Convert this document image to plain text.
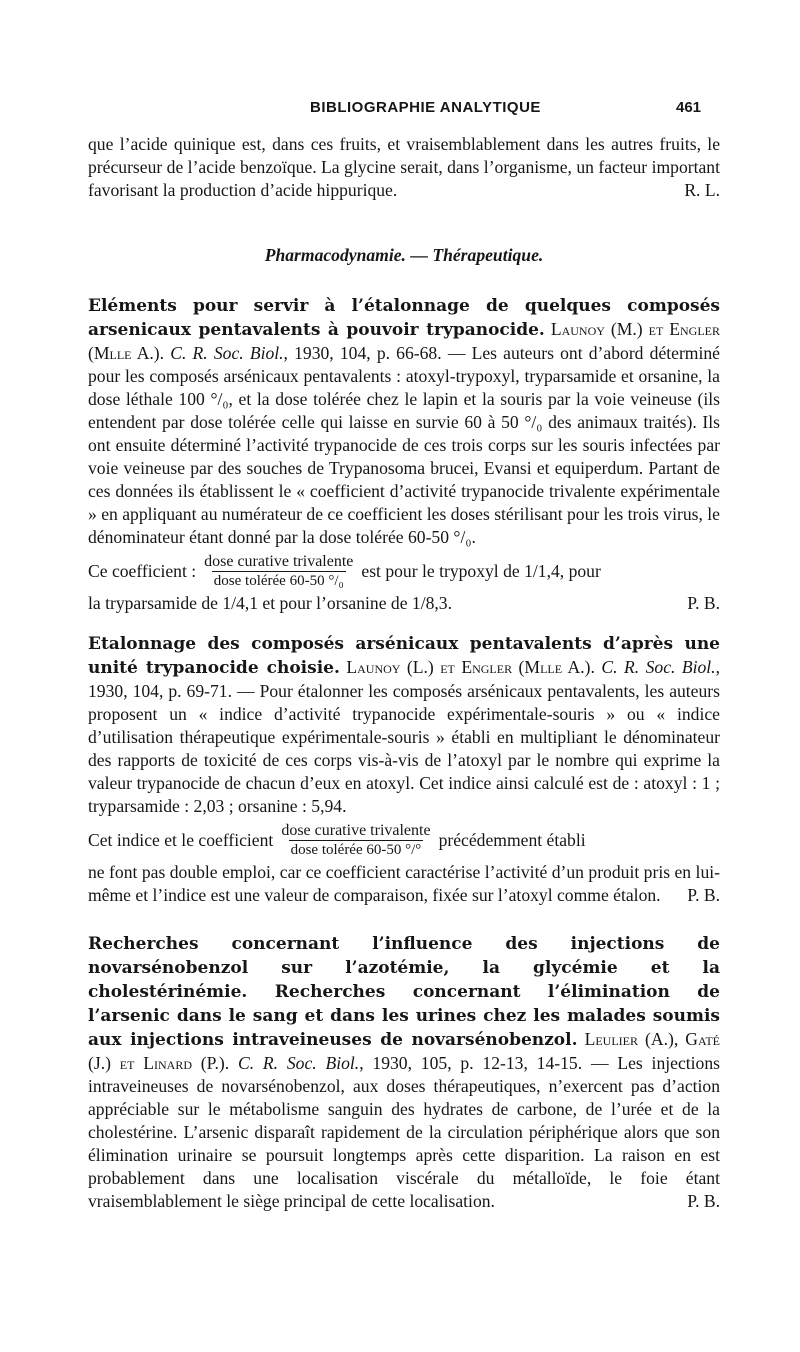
BIBLIOGRAPHIE ANALYTIQUE	461

que l’acide quinique est, dans ces fruits, et vraisemblablement dans les autres fruits, le précurseur de l’acide benzoïque. La glycine serait, dans l’organisme, un facteur important favorisant la production d’acide hippurique.	R. L.

Pharmacodynamie. — Thérapeutique.

Eléments pour servir à l’étalonnage de quelques composés arsenicaux pentavalents à pouvoir trypanocide. Launoy (M.) et Engler (Mlle A.). C. R. Soc. Biol., 1930, 104, p. 66-68. — Les auteurs ont d’abord déterminé pour les composés arsénicaux pentavalents : atoxyl-trypoxyl, tryparsamide et orsanine, la dose léthale 100 °/₀, et la dose tolérée chez le lapin et la souris par la voie veineuse (ils entendent par dose tolérée celle qui laisse en survie 60 à 50 °/₀ des animaux traités). Ils ont ensuite déterminé l’activité trypanocide de ces trois corps sur les souris infectées par voie veineuse par des souches de Trypanosoma brucei, Evansi et equiperdum. Partant de ces données ils établissent le « coefficient d’activité trypanocide trivalente expérimentale » en appliquant au numérateur de ce coefficient les doses stérilisant pour les trois virus, le dénominateur étant donné par la dose tolérée 60-50 °/₀.

Ce coefficient : $\frac{\text{dose curative trivalente}}{\text{dose tolérée 60-50 °/₀}}$ est pour le trypoxyl de 1/1,4, pour

la tryparsamide de 1/4,1 et pour l’orsanine de 1/8,3.	P. B.

Etalonnage des composés arsénicaux pentavalents d’après une unité trypanocide choisie. Launoy (L.) et Engler (Mlle A.). C. R. Soc. Biol., 1930, 104, p. 69-71. — Pour étalonner les composés arsénicaux pentavalents, les auteurs proposent un « indice d’activité trypanocide expérimentale-souris » ou « indice d’utilisation thérapeutique expérimentale-souris » établi en multipliant le dénominateur des rapports de toxicité de ces corps vis-à-vis de l’atoxyl par le nombre qui exprime la valeur trypanocide de chacun d’eux en atoxyl. Cet indice ainsi calculé est de : atoxyl : 1 ; tryparsamide : 2,03 ; orsanine : 5,94.

Cet indice et le coefficient $\frac{\text{dose curative trivalente}}{\text{dose tolérée 60-50 °/°}}$ précédemment établi

ne font pas double emploi, car ce coefficient caractérise l’activité d’un produit pris en lui-même et l’indice est une valeur de comparaison, fixée sur l’atoxyl comme étalon. P. B.

Recherches concernant l’influence des injections de novarsénobenzol sur l’azotémie, la glycémie et la cholestérinémie. Recherches concernant l’élimination de l’arsenic dans le sang et dans les urines chez les malades soumis aux injections intraveineuses de novarsénobenzol. Leulier (A.), Gaté (J.) et Linard (P.). C. R. Soc. Biol., 1930, 105, p. 12-13, 14-15. — Les injections intraveineuses de novarsénobenzol, aux doses thérapeutiques, n’exercent pas d’action appréciable sur le métabolisme sanguin des hydrates de carbone, de l’urée et de la cholestérine. L’arsenic disparaît rapidement de la circulation périphérique alors que son élimination urinaire se poursuit longtemps après cette disparition. La raison en est probablement dans une localisation viscérale du métalloïde, le foie étant vraisemblablement le siège principal de cette localisation.	P. B.
